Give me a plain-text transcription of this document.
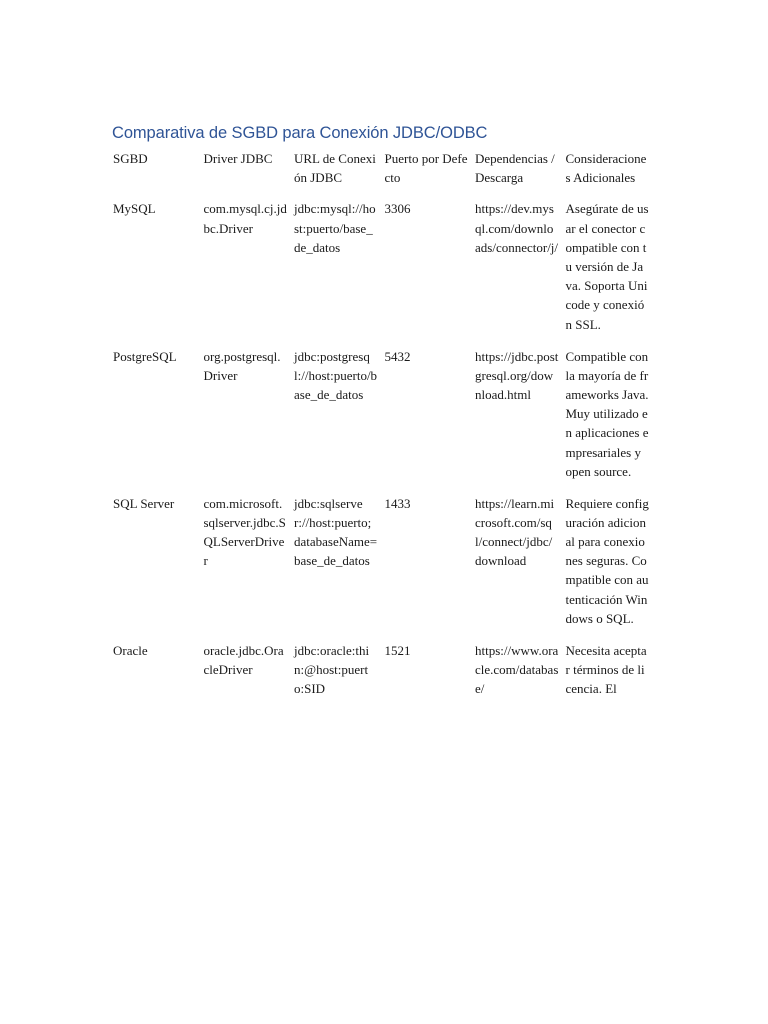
Comparativa de SGBD para Conexión JDBC/ODBC
SGBD	Driver JDBC	URL de Conexión JDBC	Puerto por Defecto	Dependencias / Descarga	Consideraciones Adicionales

MySQL	com.mysql.cj.jdbc.Driver	jdbc:mysql://host:puerto/base_de_datos	3306	https://dev.mysql.com/downloads/connector/j/	Asegúrate de usar el conector compatible con tu versión de Java. Soporta Unicode y conexión SSL.

PostgreSQL	org.postgresql.Driver	jdbc:postgresql://host:puerto/base_de_datos	5432	https://jdbc.postgresql.org/download.html	Compatible con la mayoría de frameworks Java. Muy utilizado en aplicaciones empresariales y open source.

SQL Server	com.microsoft.sqlserver.jdbc.SQLServerDriver	jdbc:sqlserver://host:puerto;databaseName=base_de_datos	1433	https://learn.microsoft.com/sql/connect/jdbc/download	Requiere configuración adicional para conexiones seguras. Compatible con autenticación Windows o SQL.

Oracle	oracle.jdbc.OracleDriver	jdbc:oracle:thin:@host:puerto:SID	1521	https://www.oracle.com/database/	Necesita aceptar términos de licencia. El
